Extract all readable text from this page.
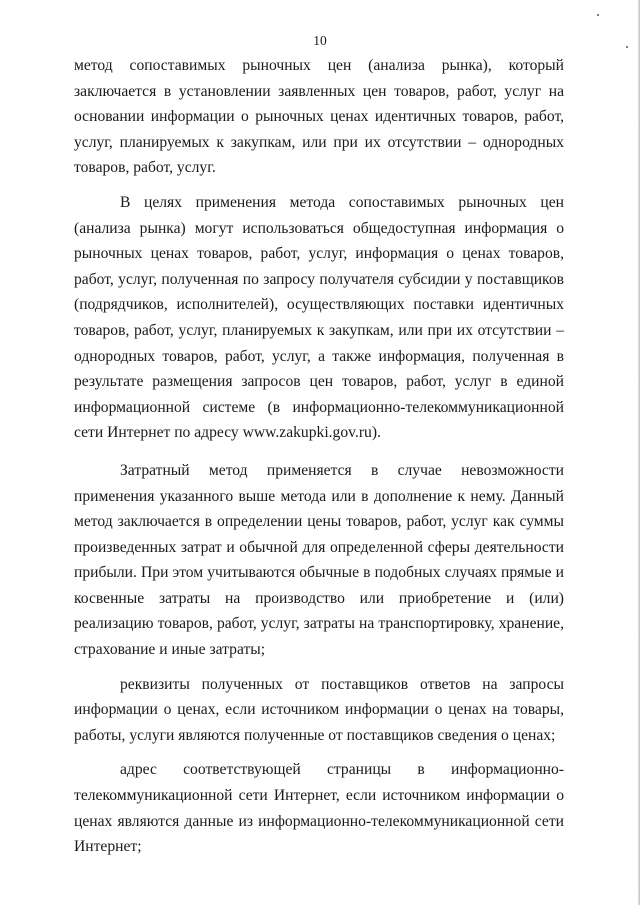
10

метод сопоставимых рыночных цен (анализа рынка), который заключается в установлении заявленных цен товаров, работ, услуг на основании информации о рыночных ценах идентичных товаров, работ, услуг, планируемых к закупкам, или при их отсутствии – однородных товаров, работ, услуг.

В целях применения метода сопоставимых рыночных цен (анализа рынка) могут использоваться общедоступная информация о рыночных ценах товаров, работ, услуг, информация о ценах товаров, работ, услуг, полученная по запросу получателя субсидии у поставщиков (подрядчиков, исполнителей), осуществляющих поставки идентичных товаров, работ, услуг, планируемых к закупкам, или при их отсутствии – однородных товаров, работ, услуг, а также информация, полученная в результате размещения запросов цен товаров, работ, услуг в единой информационной системе (в информационно-телекоммуникационной сети Интернет по адресу www.zakupki.gov.ru).

Затратный метод применяется в случае невозможности применения указанного выше метода или в дополнение к нему. Данный метод заключается в определении цены товаров, работ, услуг как суммы произведенных затрат и обычной для определенной сферы деятельности прибыли. При этом учитываются обычные в подобных случаях прямые и косвенные затраты на производство или приобретение и (или) реализацию товаров, работ, услуг, затраты на транспортировку, хранение, страхование и иные затраты;

реквизиты полученных от поставщиков ответов на запросы информации о ценах, если источником информации о ценах на товары, работы, услуги являются полученные от поставщиков сведения о ценах;

адрес соответствующей страницы в информационно-телекоммуникационной сети Интернет, если источником информации о ценах являются данные из информационно-телекоммуникационной сети Интернет;
